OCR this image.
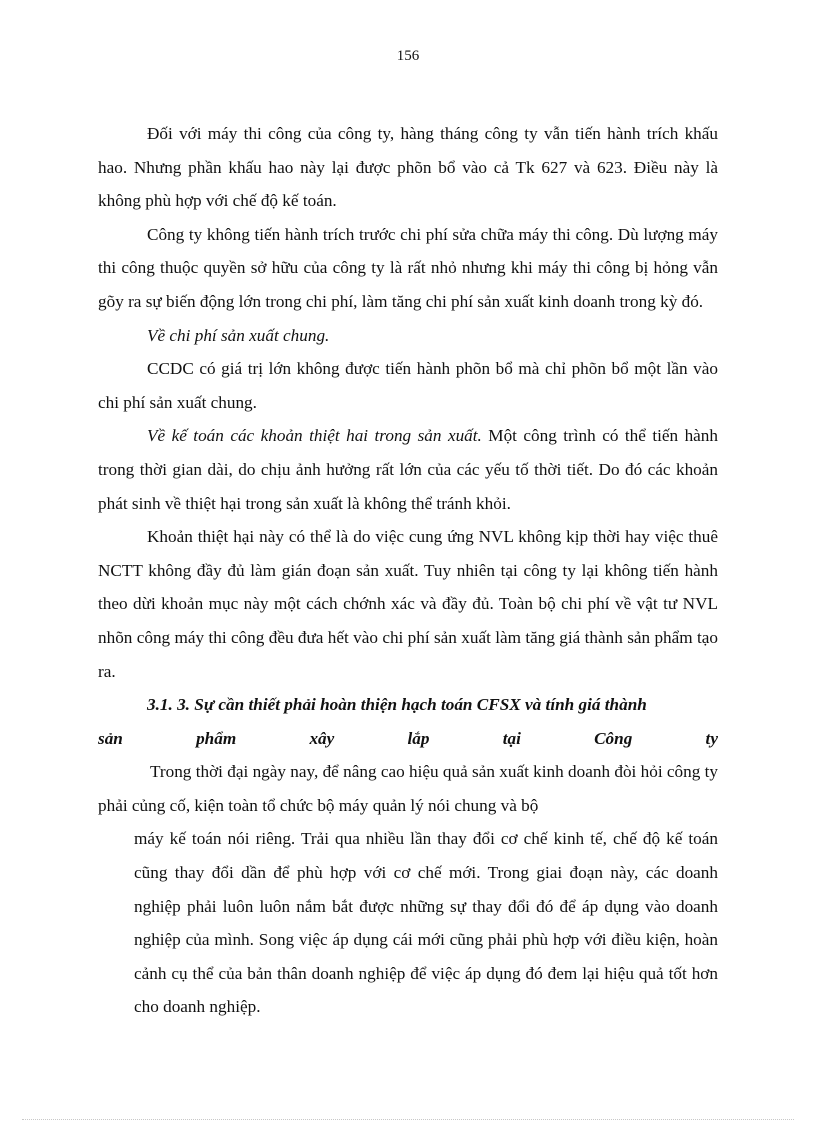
156

Đối với máy thi công của công ty, hàng tháng công ty vẫn tiến hành trích khấu hao. Nhưng phần khấu hao này lại được phõn bổ vào cả Tk 627 và 623. Điều này là không phù hợp với chế độ kế toán.

Công ty không tiến hành trích trước chi phí sửa chữa máy thi công. Dù lượng máy thi công thuộc quyền sở hữu của công ty là rất nhỏ nhưng khi máy thi công bị hỏng vẫn gõy ra sự biến động lớn trong chi phí, làm tăng chi phí sản xuất kinh doanh trong kỳ đó.

Về chi phí sản xuất chung.

CCDC có giá trị lớn không được tiến hành phõn bổ mà chỉ phõn bổ một lần vào chi phí sản xuất chung.

Về kế toán các khoản thiệt hai trong sản xuất. Một công trình có thể tiến hành trong thời gian dài, do chịu ảnh hưởng rất lớn của các yếu tố thời tiết. Do đó các khoản phát sinh về thiệt hại trong sản xuất là không thể tránh khỏi.

Khoản thiệt hại này có thể là do việc cung ứng NVL không kịp thời hay việc thuê NCTT không đầy đủ làm gián đoạn sản xuất. Tuy nhiên tại công ty lại không tiến hành theo dừi khoản mục này một cách chớnh xác và đầy đủ. Toàn bộ chi phí về vật tư NVL nhõn công máy thi công đều đưa hết vào chi phí sản xuất làm tăng giá thành sản phẩm tạo ra.

3.1. 3. Sự cần thiết phải hoàn thiện hạch toán CFSX và tính giá thành
sản	phẩm	xây	lắp	tại	Công	ty

Trong thời đại ngày nay, để nâng cao hiệu quả sản xuất kinh doanh đòi hỏi công ty phải củng cố, kiện toàn tổ chức bộ máy quản lý nói chung và bộ

máy kế toán nói riêng. Trải qua nhiều lần thay đổi cơ chế kinh tế, chế độ kế toán cũng thay đổi dần để phù hợp với cơ chế mới. Trong giai đoạn này, các doanh nghiệp phải luôn luôn nắm bắt được những sự thay đổi đó để áp dụng vào doanh nghiệp của mình. Song việc áp dụng cái mới cũng phải phù hợp với điều kiện, hoàn cảnh cụ thể của bản thân doanh nghiệp để việc áp dụng đó đem lại hiệu quả tốt hơn cho doanh nghiệp.
